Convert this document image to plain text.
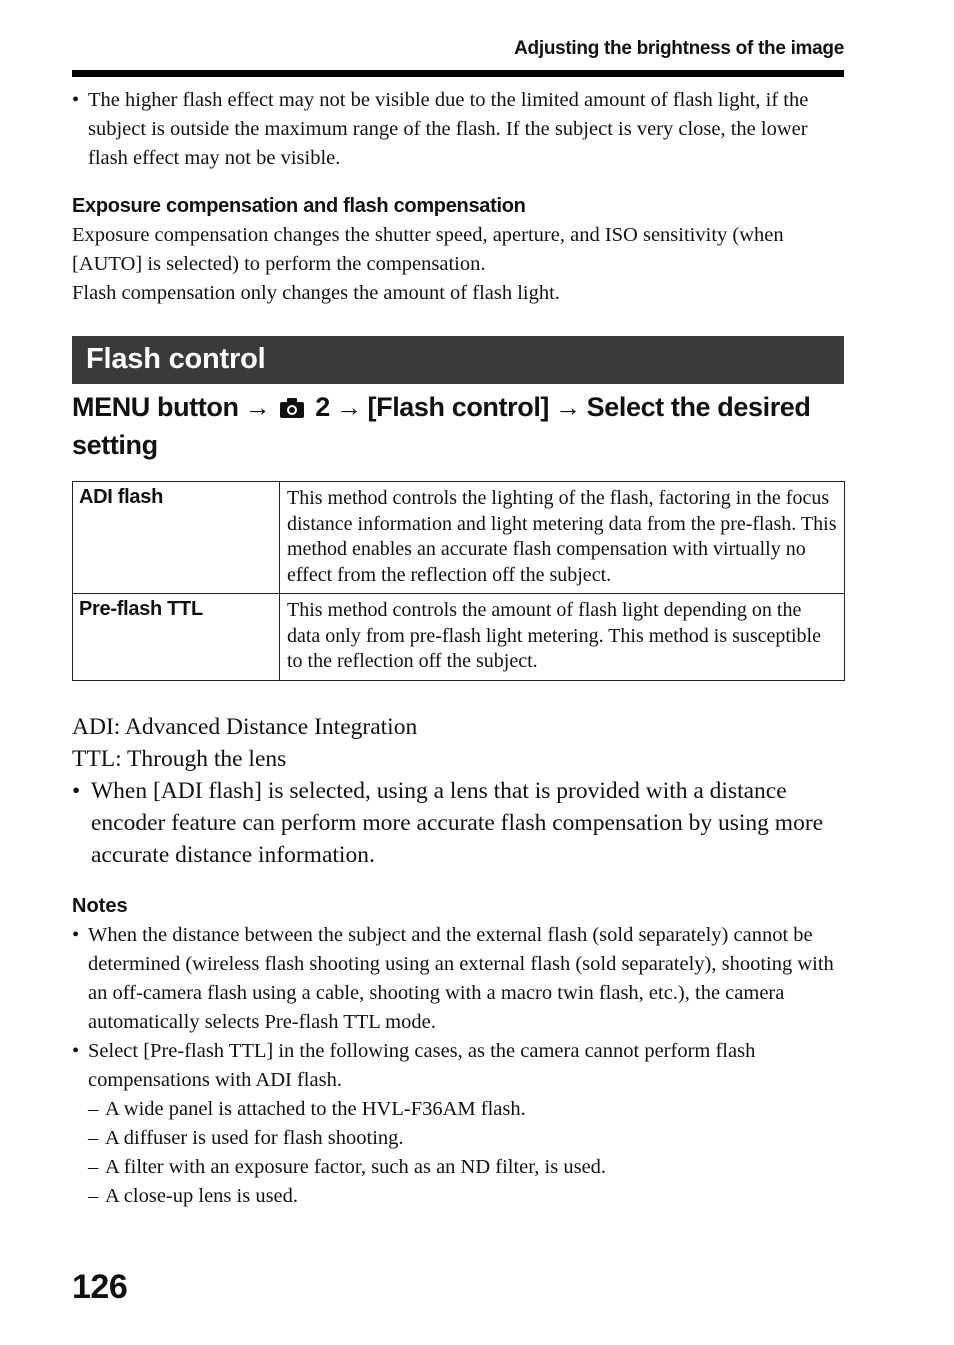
Adjusting the brightness of the image
• The higher flash effect may not be visible due to the limited amount of flash light, if the subject is outside the maximum range of the flash. If the subject is very close, the lower flash effect may not be visible.
Exposure compensation and flash compensation

Exposure compensation changes the shutter speed, aperture, and ISO sensitivity (when [AUTO] is selected) to perform the compensation.

Flash compensation only changes the amount of flash light.

Flash control
MENU button → 2 → [Flash control] → Select the desired setting
ADI flash	This method controls the lighting of the flash, factoring in the focus distance information and light metering data from the pre-flash. This method enables an accurate flash compensation with virtually no effect from the reflection off the subject.
Pre-flash TTL	This method controls the amount of flash light depending on the data only from pre-flash light metering. This method is susceptible to the reflection off the subject.

ADI: Advanced Distance Integration

TTL: Through the lens

• When [ADI flash] is selected, using a lens that is provided with a distance encoder feature can perform more accurate flash compensation by using more accurate distance information.
Notes
• When the distance between the subject and the external flash (sold separately) cannot be determined (wireless flash shooting using an external flash (sold separately), shooting with an off-camera flash using a cable, shooting with a macro twin flash, etc.), the camera automatically selects Pre-flash TTL mode.
• Select [Pre-flash TTL] in the following cases, as the camera cannot perform flash compensations with ADI flash.
– A wide panel is attached to the HVL-F36AM flash.
– A diffuser is used for flash shooting.
– A filter with an exposure factor, such as an ND filter, is used.
– A close-up lens is used.
126
